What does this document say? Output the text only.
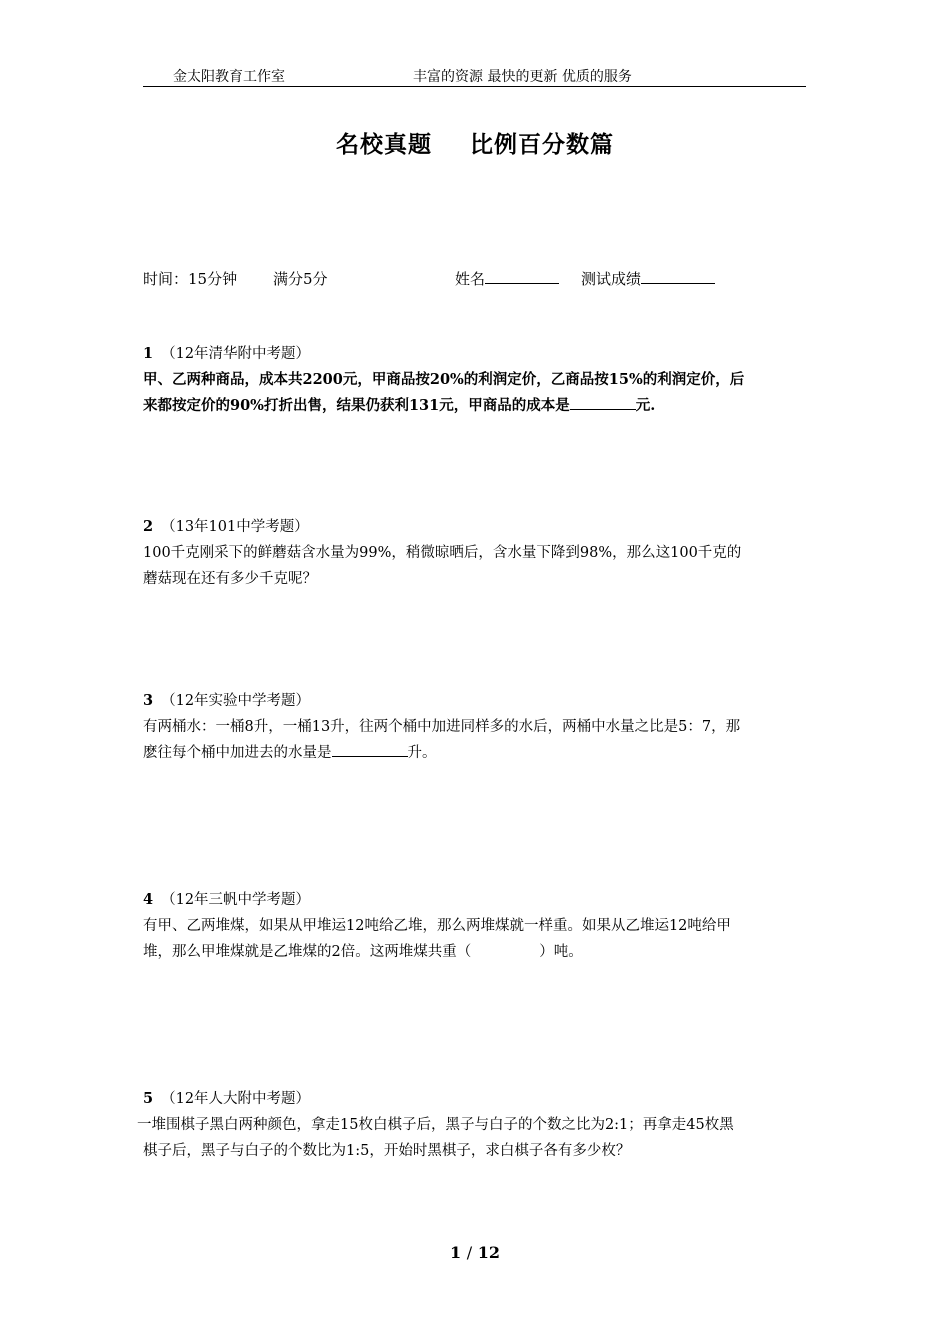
金太阳教育工作室	丰富的资源 最快的更新 优质的服务
名校真题 比例百分数篇
时间：15分钟 满分5分	姓名	测试成绩

1 （12年清华附中考题）

甲、乙两种商品，成本共2200元，甲商品按20%的利润定价，乙商品按15%的利润定价，后

来都按定价的90%打折出售，结果仍获利131元，甲商品的成本是	元.

2 （13年101中学考题）

100千克刚采下的鲜蘑菇含水量为99%，稍微晾晒后，含水量下降到98%，那么这100千克的

蘑菇现在还有多少千克呢？

3 （12年实验中学考题）

有两桶水：一桶8升，一桶13升，往两个桶中加进同样多的水后，两桶中水量之比是5：7，那

麽往每个桶中加进去的水量是	升。

4 （12年三帆中学考题）

有甲、乙两堆煤，如果从甲堆运12吨给乙堆，那么两堆煤就一样重。如果从乙堆运12吨给甲

堆，那么甲堆煤就是乙堆煤的2倍。这两堆煤共重（	）吨。

5 （12年人大附中考题）

一堆围棋子黑白两种颜色，拿走15枚白棋子后，黑子与白子的个数之比为2:1；再拿走45枚黑

棋子后，黑子与白子的个数比为1:5，开始时黑棋子，求白棋子各有多少枚？

1 / 12
